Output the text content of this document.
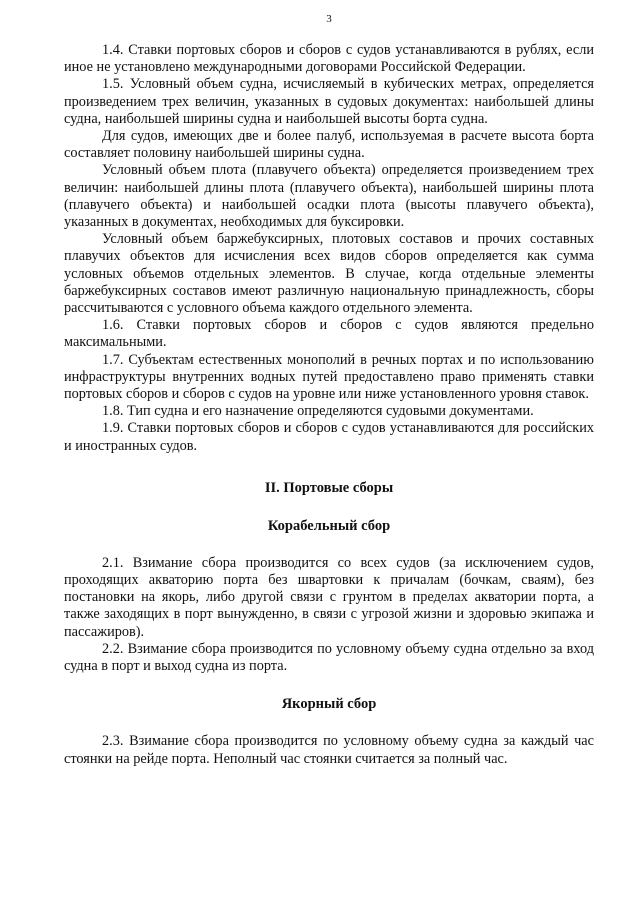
3

1.4. Ставки портовых сборов и сборов с судов устанавливаются в рублях, если иное не установлено международными договорами Российской Федерации.

1.5. Условный объем судна, исчисляемый в кубических метрах, определяется произведением трех величин, указанных в судовых документах: наибольшей длины судна, наибольшей ширины судна и наибольшей высоты борта судна.

Для судов, имеющих две и более палуб, используемая в расчете высота борта составляет половину наибольшей ширины судна.

Условный объем плота (плавучего объекта) определяется произведением трех величин: наибольшей длины плота (плавучего объекта), наибольшей ширины плота (плавучего объекта) и наибольшей осадки плота (высоты плавучего объекта), указанных в документах, необходимых для буксировки.

Условный объем баржебуксирных, плотовых составов и прочих составных плавучих объектов для исчисления всех видов сборов определяется как сумма условных объемов отдельных элементов. В случае, когда отдельные элементы баржебуксирных составов имеют различную национальную принадлежность, сборы рассчитываются с условного объема каждого отдельного элемента.

1.6. Ставки портовых сборов и сборов с судов являются предельно максимальными.

1.7. Субъектам естественных монополий в речных портах и по использованию инфраструктуры внутренних водных путей предоставлено право применять ставки портовых сборов и сборов с судов на уровне или ниже установленного уровня ставок.

1.8. Тип судна и его назначение определяются судовыми документами.

1.9. Ставки портовых сборов и сборов с судов устанавливаются для российских и иностранных судов.

II. Портовые сборы
Корабельный сбор

2.1. Взимание сбора производится со всех судов (за исключением судов, проходящих акваторию порта без швартовки к причалам (бочкам, сваям), без постановки на якорь, либо другой связи с грунтом в пределах акватории порта, а также заходящих в порт вынужденно, в связи с угрозой жизни и здоровью экипажа и пассажиров).

2.2. Взимание сбора производится по условному объему судна отдельно за вход судна в порт и выход судна из порта.

Якорный сбор

2.3. Взимание сбора производится по условному объему судна за каждый час стоянки на рейде порта. Неполный час стоянки считается за полный час.
